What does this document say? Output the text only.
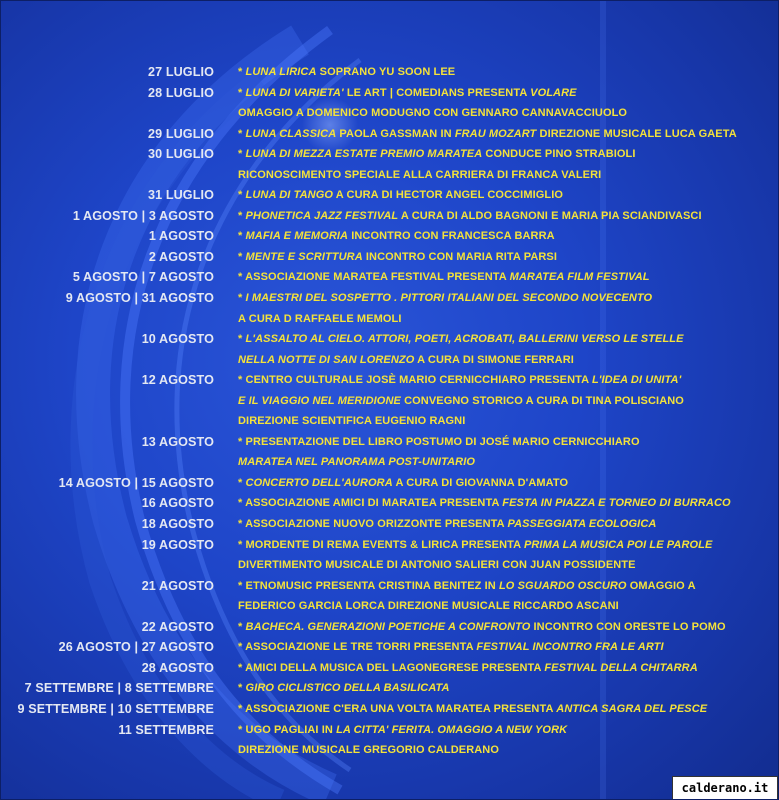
27 LUGLIO * LUNA LIRICA SOPRANO YU SOON LEE
28 LUGLIO * LUNA DI VARIETA' LE ART | COMEDIANS PRESENTA VOLARE
OMAGGIO A DOMENICO MODUGNO CON GENNARO CANNAVACCIUOLO
29 LUGLIO * LUNA CLASSICA PAOLA GASSMAN IN FRAU MOZART DIREZIONE MUSICALE LUCA GAETA
30 LUGLIO * LUNA DI MEZZA ESTATE PREMIO MARATEA CONDUCE PINO STRABIOLI
RICONOSCIMENTO SPECIALE ALLA CARRIERA DI FRANCA VALERI
31 LUGLIO * LUNA DI TANGO A CURA DI HECTOR ANGEL COCCIMIGLIO
1 AGOSTO | 3 AGOSTO * PHONETICA JAZZ FESTIVAL A CURA DI ALDO BAGNONI E MARIA PIA SCIANDIVASCI
1 AGOSTO * MAFIA E MEMORIA INCONTRO CON FRANCESCA BARRA
2 AGOSTO * MENTE E SCRITTURA INCONTRO CON MARIA RITA PARSI
5 AGOSTO | 7 AGOSTO * ASSOCIAZIONE MARATEA FESTIVAL PRESENTA MARATEA FILM FESTIVAL
9 AGOSTO | 31 AGOSTO * I MAESTRI DEL SOSPETTO . PITTORI ITALIANI DEL SECONDO NOVECENTO
A CURA D RAFFAELE MEMOLI
10 AGOSTO * L'ASSALTO AL CIELO. ATTORI, POETI, ACROBATI, BALLERINI VERSO LE STELLE
NELLA NOTTE DI SAN LORENZO A CURA DI SIMONE FERRARI
12 AGOSTO * CENTRO CULTURALE JOSÈ MARIO CERNICCHIARO PRESENTA L'IDEA DI UNITA'
E IL VIAGGIO NEL MERIDIONE CONVEGNO STORICO A CURA DI TINA POLISCIANO
DIREZIONE SCIENTIFICA EUGENIO RAGNI
13 AGOSTO * PRESENTAZIONE DEL LIBRO POSTUMO DI JOSÉ MARIO CERNICCHIARO
MARATEA NEL PANORAMA POST-UNITARIO
14 AGOSTO | 15 AGOSTO * CONCERTO DELL'AURORA A CURA DI GIOVANNA D'AMATO
16 AGOSTO * ASSOCIAZIONE AMICI DI MARATEA PRESENTA FESTA IN PIAZZA E TORNEO DI BURRACO
18 AGOSTO * ASSOCIAZIONE NUOVO ORIZZONTE PRESENTA PASSEGGIATA ECOLOGICA
19 AGOSTO * MORDENTE DI REMA EVENTS & LIRICA PRESENTA PRIMA LA MUSICA POI LE PAROLE
DIVERTIMENTO MUSICALE DI ANTONIO SALIERI CON JUAN POSSIDENTE
21 AGOSTO * ETNOMUSIC PRESENTA CRISTINA BENITEZ IN LO SGUARDO OSCURO OMAGGIO A
FEDERICO GARCIA LORCA DIREZIONE MUSICALE RICCARDO ASCANI
22 AGOSTO * BACHECA. GENERAZIONI POETICHE A CONFRONTO INCONTRO CON ORESTE LO POMO
26 AGOSTO | 27 AGOSTO * ASSOCIAZIONE LE TRE TORRI PRESENTA FESTIVAL INCONTRO FRA LE ARTI
28 AGOSTO * AMICI DELLA MUSICA DEL LAGONEGRESE PRESENTA FESTIVAL DELLA CHITARRA
7 SETTEMBRE | 8 SETTEMBRE * GIRO CICLISTICO DELLA BASILICATA
9 SETTEMBRE | 10 SETTEMBRE * ASSOCIAZIONE C'ERA UNA VOLTA MARATEA PRESENTA ANTICA SAGRA DEL PESCE
11 SETTEMBRE * UGO PAGLIAI IN LA CITTA' FERITA. OMAGGIO A NEW YORK
DIREZIONE MUSICALE GREGORIO CALDERANO
calderano.it
